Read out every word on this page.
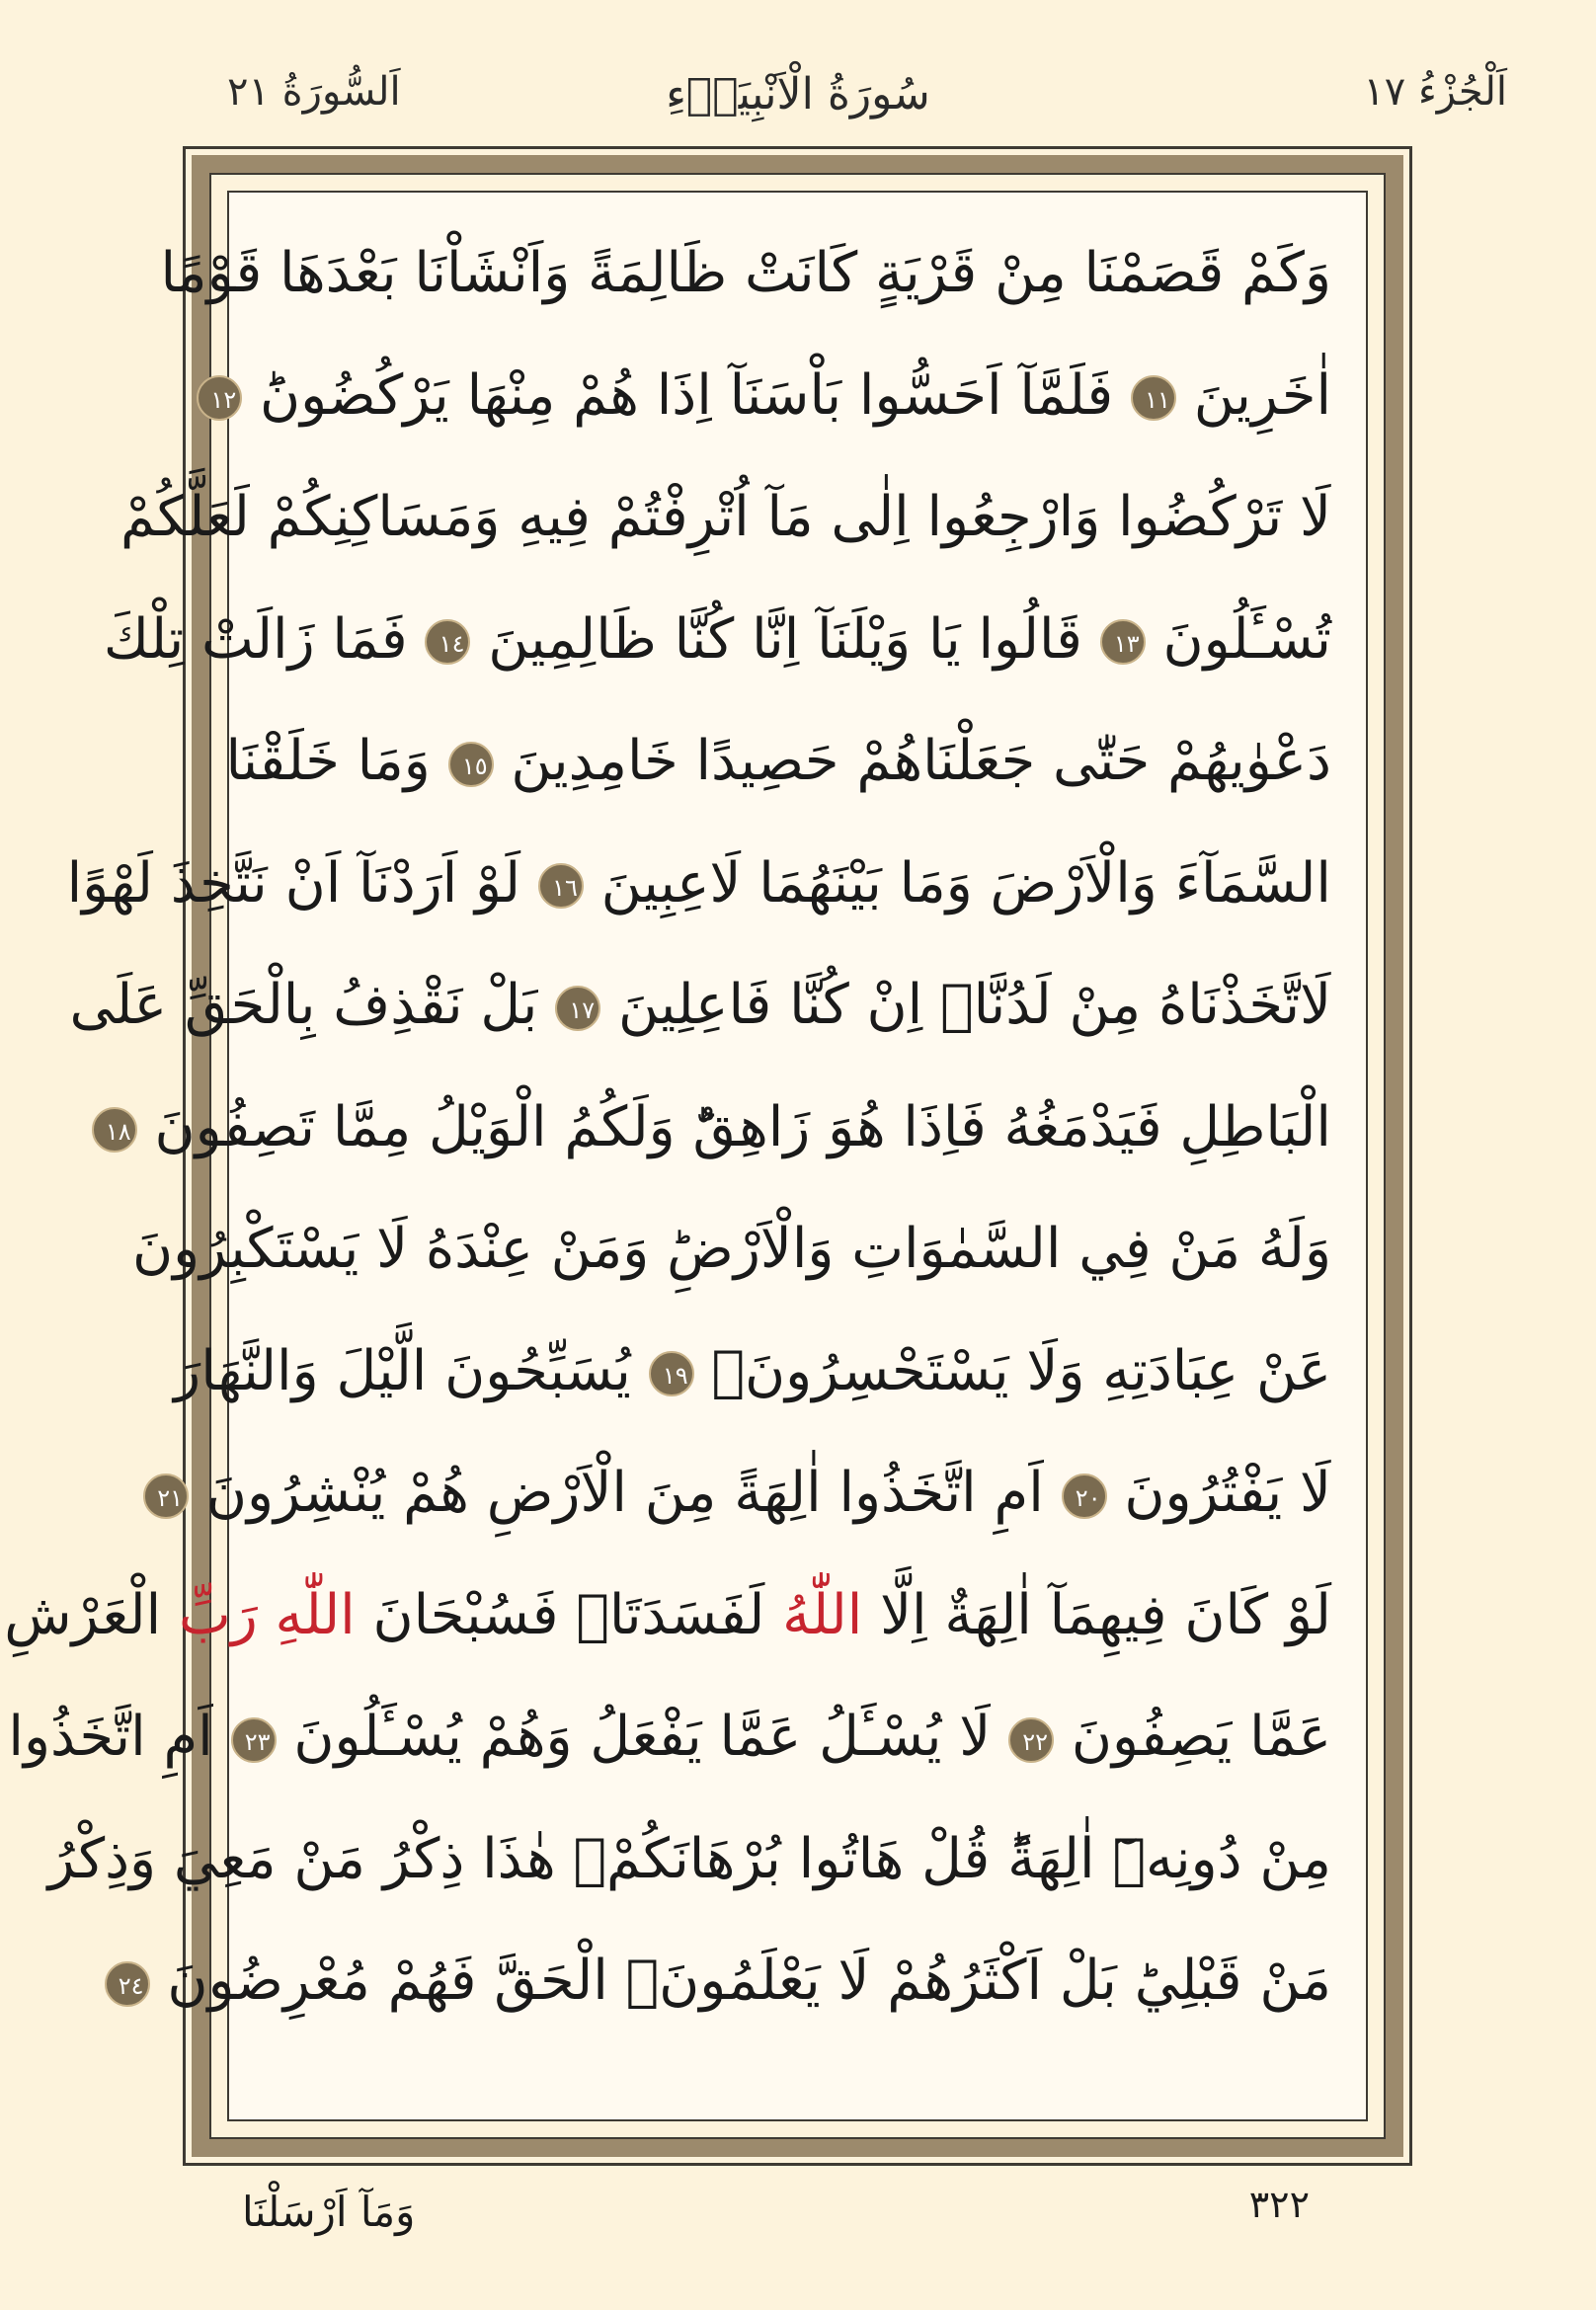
اَلْجُزْءُ ١٧
سُورَةُ الْاَنْبِيَاۤءِ
اَلسُّورَةُ ٢١
وَكَمْ قَصَمْنَا مِنْ قَرْيَةٍ كَانَتْ ظَالِمَةً وَاَنْشَاْنَا بَعْدَهَا قَوْمًا
اٰخَرِينَ ١١ فَلَمَّآ اَحَسُّوا بَاْسَنَآ اِذَا هُمْ مِنْهَا يَرْكُضُونَؕ ١٢
لَا تَرْكُضُوا وَارْجِعُوا اِلٰى مَآ اُتْرِفْتُمْ فِيهِ وَمَسَاكِنِكُمْ لَعَلَّكُمْ
تُسْـَٔلُونَ ١٣ قَالُوا يَا وَيْلَنَآ اِنَّا كُنَّا ظَالِمِينَ ١٤ فَمَا زَالَتْ تِلْكَ
دَعْوٰيهُمْ حَتّٰى جَعَلْنَاهُمْ حَصِيدًا خَامِدِينَ ١٥ وَمَا خَلَقْنَا
السَّمَآءَ وَالْاَرْضَ وَمَا بَيْنَهُمَا لَاعِبِينَ ١٦ لَوْ اَرَدْنَآ اَنْ نَتَّخِذَ لَهْوًا
لَاتَّخَذْنَاهُ مِنْ لَدُنَّاۗ اِنْ كُنَّا فَاعِلِينَ ١٧ بَلْ نَقْذِفُ بِالْحَقِّ عَلَى
الْبَاطِلِ فَيَدْمَغُهُ فَاِذَا هُوَ زَاهِقٌؕ وَلَكُمُ الْوَيْلُ مِمَّا تَصِفُونَ ١٨
وَلَهُ مَنْ فِي السَّمٰوَاتِ وَالْاَرْضِؕ وَمَنْ عِنْدَهُ لَا يَسْتَكْبِرُونَ
عَنْ عِبَادَتِهِ وَلَا يَسْتَحْسِرُونَۚ ١٩ يُسَبِّحُونَ الَّيْلَ وَالنَّهَارَ
لَا يَفْتُرُونَ ٢٠ اَمِ اتَّخَذُوا اٰلِهَةً مِنَ الْاَرْضِ هُمْ يُنْشِرُونَ ٢١
لَوْ كَانَ فِيهِمَآ اٰلِهَةٌ اِلَّا اللّٰهُ لَفَسَدَتَاۚ فَسُبْحَانَ اللّٰهِ رَبِّ الْعَرْشِ
عَمَّا يَصِفُونَ ٢٢ لَا يُسْـَٔلُ عَمَّا يَفْعَلُ وَهُمْ يُسْـَٔلُونَ ٢٣ اَمِ اتَّخَذُوا
مِنْ دُونِهٖٓ اٰلِهَةًؕ قُلْ هَاتُوا بُرْهَانَكُمْۚ هٰذَا ذِكْرُ مَنْ مَعِيَ وَذِكْرُ
مَنْ قَبْلِيؕ بَلْ اَكْثَرُهُمْ لَا يَعْلَمُونَۙ الْحَقَّ فَهُمْ مُعْرِضُونَ ٢٤
٣٢٢
وَمَآ اَرْسَلْنَا
